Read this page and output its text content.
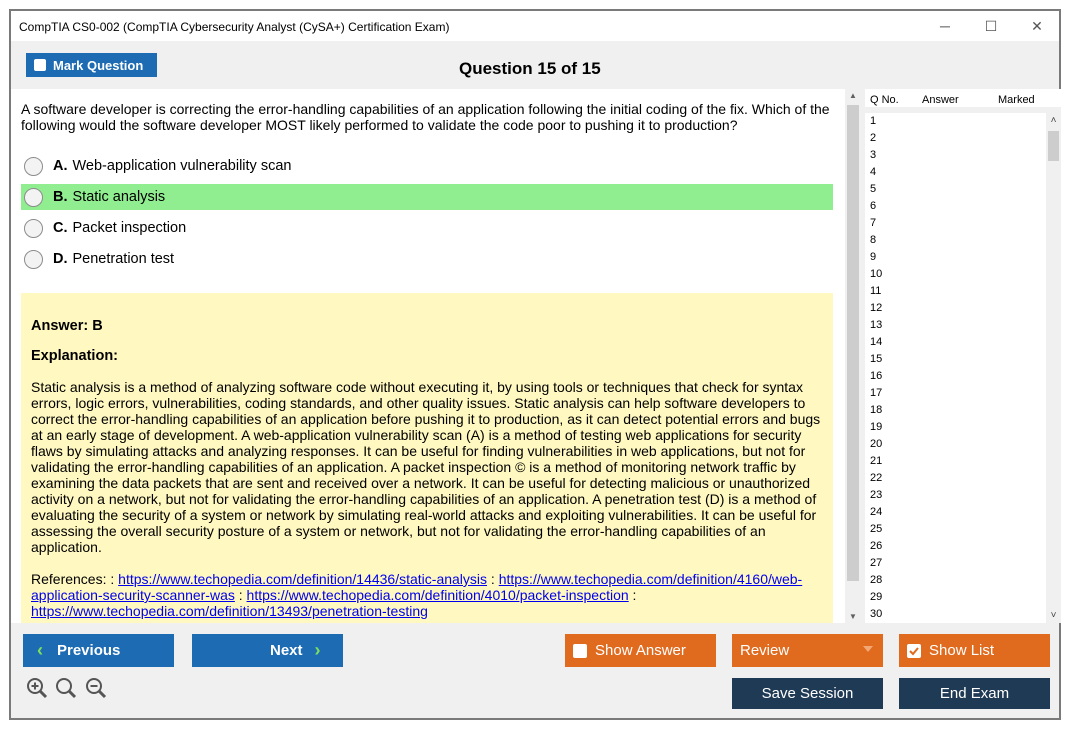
CompTIA CS0-002 (CompTIA Cybersecurity Analyst (CySA+) Certification Exam)	─	☐	✕
Mark Question	Question 15 of 15
A software developer is correcting the error-handling capabilities of an application following the initial coding of the fix. Which of the following would the software developer MOST likely performed to validate the code poor to pushing it to production?
A. Web-application vulnerability scan
B. Static analysis
C. Packet inspection
D. Penetration test
Answer: B
Explanation:
Static analysis is a method of analyzing software code without executing it, by using tools or techniques that check for syntax errors, logic errors, vulnerabilities, coding standards, and other quality issues. Static analysis can help software developers to correct the error-handling capabilities of an application before pushing it to production, as it can detect potential errors and bugs at an early stage of development. A web-application vulnerability scan (A) is a method of testing web applications for security flaws by simulating attacks and analyzing responses. It can be useful for finding vulnerabilities in web applications, but not for validating the error-handling capabilities of an application. A packet inspection © is a method of monitoring network traffic by examining the data packets that are sent and received over a network. It can be useful for detecting malicious or unauthorized activity on a network, but not for validating the error-handling capabilities of an application. A penetration test (D) is a method of evaluating the security of a system or network by simulating real-world attacks and exploiting vulnerabilities. It can be useful for assessing the overall security posture of a system or network, but not for validating the error-handling capabilities of an application.
References: : https://www.techopedia.com/definition/14436/static-analysis : https://www.techopedia.com/definition/4160/web-application-security-scanner-was : https://www.techopedia.com/definition/4010/packet-inspection : https://www.techopedia.com/definition/13493/penetration-testing
▲
▼
Q No. Answer	Marked
1
2
3
4
5
6
7
8
9
10
11
12
13
14
15
16
17
18
19
20
21
22
23
24
25
26
27
28
29
30
˄
˅
‹ Previous	Next ›	Show Answer	Review	Show List
Save Session	End Exam
